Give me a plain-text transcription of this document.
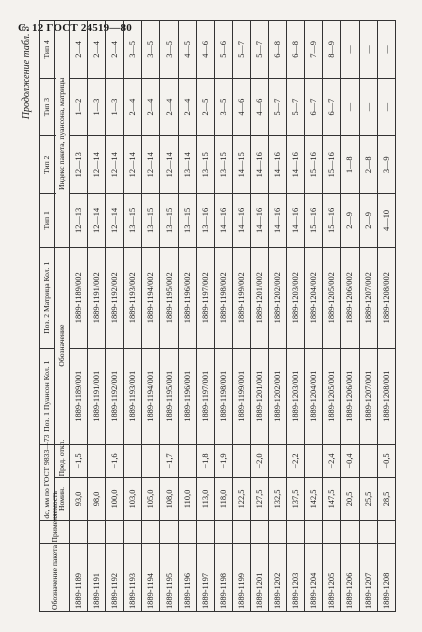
С. 12 ГОСТ 24519—80
Продолжение табл. 3
Обозначение пакета	Применяемость	dс, мм по ГОСТ 9833—73		Поз. 1 Пуансон Кол. 1	Поз. 2 Матрица Кол. 1	Тип 1	Тип 2	Тип 3	Тип 4
		Номин.	Пред. откл.	Обозначение					
						Индекс пакета, пуансона, матрицы			
1889-1189		93,0	−1,5	1889-1189/001	1889-1189/002	12—13	12—13	1—2	2—4
1889-1191		98,0		1889-1191/001	1889-1191/002	12—14	12—14	1—3	2—4
1889-1192		100,0	−1,6	1889-1192/001	1889-1192/002	12—14	12—14	1—3	2—4
1889-1193		103,0		1889-1193/001	1889-1193/002	13—15	12—14	2—4	3—5
1889-1194		105,0		1889-1194/001	1889-1194/002	13—15	12—14	2—4	3—5
1889-1195		108,0	−1,7	1889-1195/001	1889-1195/002	13—15	12—14	2—4	3—5
1889-1196		110,0		1889-1196/001	1889-1196/002	13—15	13—14	2—4	4—5
1889-1197		113,0	−1,8	1889-1197/001	1889-1197/002	13—16	13—15	2—5	4—6
1889-1198		118,0	−1,9	1889-1198/001	1889-1198/002	14—16	13—15	3—5	5—6
1889-1199		122,5		1889-1199/001	1889-1199/002	14—16	14—15	4—6	5—7
1889-1201		127,5	−2,0	1889-1201/001	1889-1201/002	14—16	14—16	4—6	5—7
1889-1202		132,5		1889-1202/001	1889-1202/002	14—16	14—16	5—7	6—8
1889-1203		137,5	−2,2	1889-1203/001	1889-1203/002	14—16	14—16	5—7	6—8
1889-1204		142,5		1889-1204/001	1889-1204/002	15—16	15—16	6—7	7—9
1889-1205		147,5	−2,4	1889-1205/001	1889-1205/002	15—16	15—16	6—7	8—9
1889-1206		20,5	−0,4	1889-1206/001	1889-1206/002	2—9	1—8	—	—
1889-1207		25,5		1889-1207/001	1889-1207/002	2—9	2—8	—	—
1889-1208		28,5	−0,5	1889-1208/001	1889-1208/002	4—10	3—9	—	—
